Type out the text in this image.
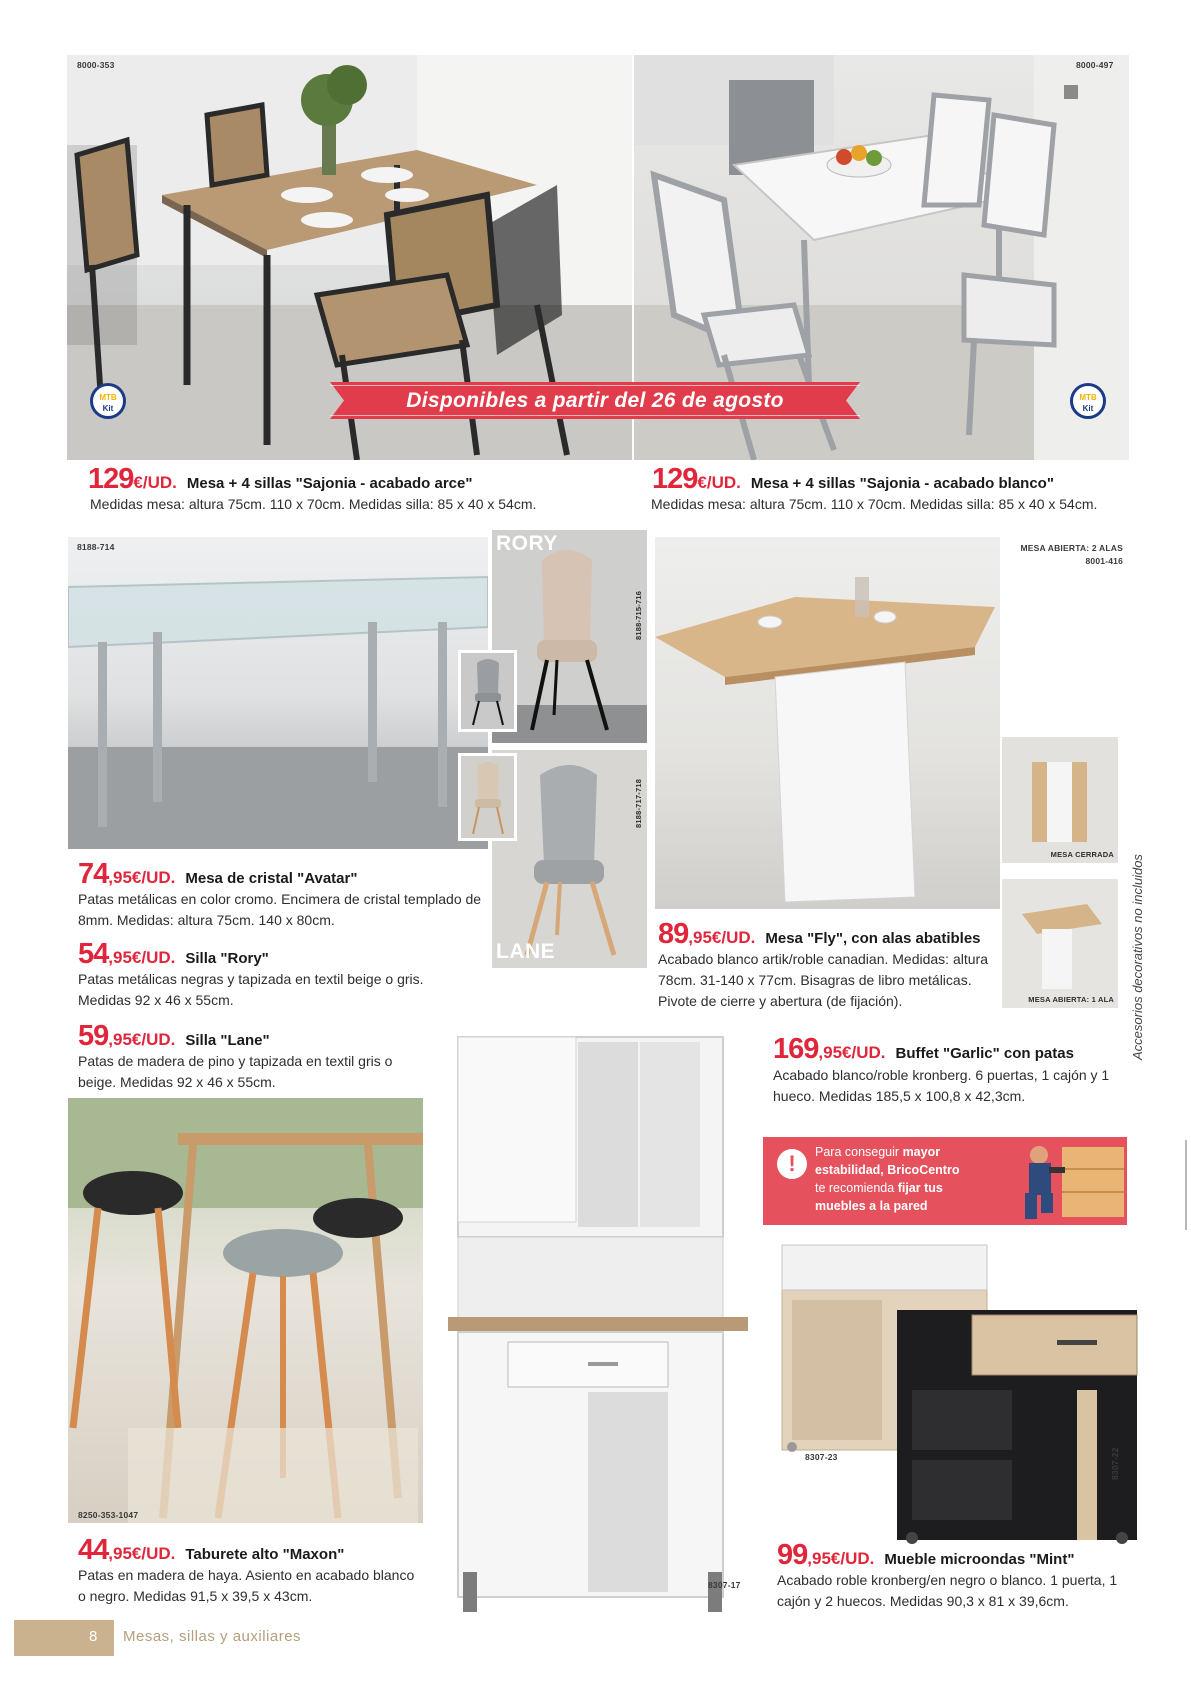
8000-353	8000-497
MTB
Kit
MTB
Kit
Disponibles a partir del 26 de agosto
129€/UD. Mesa + 4 sillas "Sajonia - acabado arce"
Medidas mesa: altura 75cm. 110 x 70cm. Medidas silla: 85 x 40 x 54cm.
129€/UD. Mesa + 4 sillas "Sajonia - acabado blanco"
Medidas mesa: altura 75cm. 110 x 70cm. Medidas silla: 85 x 40 x 54cm.
8188-714	RORY
8188-715-716
LANE
8188-717-718
74,95€/UD. Mesa de cristal "Avatar"
Patas metálicas en color cromo. Encimera de cristal templado de 8mm. Medidas: altura 75cm. 140 x 80cm.
54,95€/UD. Silla "Rory"
Patas metálicas negras y tapizada en textil beige o gris. Medidas 92 x 46 x 55cm.
59,95€/UD. Silla "Lane"
Patas de madera de pino y tapizada en textil gris o beige. Medidas 92 x 46 x 55cm.
MESA ABIERTA: 2 ALAS
8001-416
MESA CERRADA
MESA ABIERTA: 1 ALA
89,95€/UD. Mesa "Fly", con alas abatibles
Acabado blanco artik/roble canadian. Medidas: altura 78cm. 31-140 x 77cm. Bisagras de libro metálicas. Pivote de cierre y abertura (de fijación).	Accesorios decorativos no incluidos
8307-17
169,95€/UD. Buffet "Garlic" con patas
Acabado blanco/roble kronberg. 6 puertas, 1 cajón y 1 hueco. Medidas 185,5 x 100,8 x 42,3cm.
!	Para conseguir mayor
estabilidad, BricoCentro
te recomienda fijar tus
muebles a la pared
8307-23	8307-22
99,95€/UD. Mueble microondas "Mint"
Acabado roble kronberg/en negro o blanco. 1 puerta, 1 cajón y 2 huecos. Medidas 90,3 x 81 x 39,6cm.
8250-353-1047
44,95€/UD. Taburete alto "Maxon"
Patas en madera de haya. Asiento en acabado blanco o negro. Medidas 91,5 x 39,5 x 43cm.
8 Mesas, sillas y auxiliares
